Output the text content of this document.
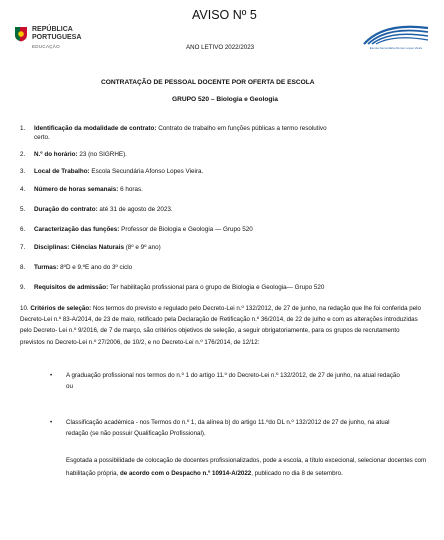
REPÚBLICA
PORTUGUESA
EDUCAÇÃO
AVISO Nº 5
ANO LETIVO 2022/2023	Escola Secundária Afonso Lopes Vieira
CONTRATAÇÃO DE PESSOAL DOCENTE POR OFERTA DE ESCOLA
GRUPO 520 – Biologia e Geologia
1. Identificação da modalidade de contrato: Contrato de trabalho em funções públicas a termo resolutivo
certo.
2. N.º do horário: 23 (no SIGRHE).
3. Local de Trabalho: Escola Secundária Afonso Lopes Vieira.
4. Número de horas semanais: 6 horas.
5. Duração do contrato: até 31 de agosto de 2023.
6. Caracterização das funções: Professor de Biologia e Geologia — Grupo 520
7. Disciplinas: Ciências Naturais (8º e 9º ano)
8. Turmas: 8ºD e 9.ºE ano do 3º ciclo
9. Requisitos de admissão: Ter habilitação profissional para o grupo de Biologia e Geologia— Grupo 520
10. Critérios de seleção: Nos termos do previsto e regulado pelo Decreto-Lei n.º 132/2012, de 27 de junho, na redação que lhe foi conferida pelo Decreto-Lei n.º 83-A/2014, de 23 de maio, retificado pela Declaração de Retificação n.º 36/2014, de 22 de julho e com as alterações introduzidas pelo Decreto- Lei n.º 9/2016, de 7 de março, são critérios objetivos de seleção, a seguir obrigatoriamente, para os grupos de recrutamento previstos no Decreto-Lei n.º 27/2006, de 10/2, e no Decreto-Lei n.º 176/2014, de 12/12:
• A graduação profissional nos termos do n.º 1 do artigo 11.º do Decreto-Lei n.º 132/2012, de 27 de junho, na atual redação
ou
• Classificação académica - nos Termos do n.º 1, da alínea b) do artigo 11.ºdo DL n.º 132/2012 de 27 de junho, na atual redação (se não possuir Qualificação Profissional).
Esgotada a possibilidade de colocação de docentes profissionalizados, pode a escola, a título excecional, selecionar docentes com habilitação própria, de acordo com o Despacho n.º 10914-A/2022, publicado no dia 8 de setembro.
